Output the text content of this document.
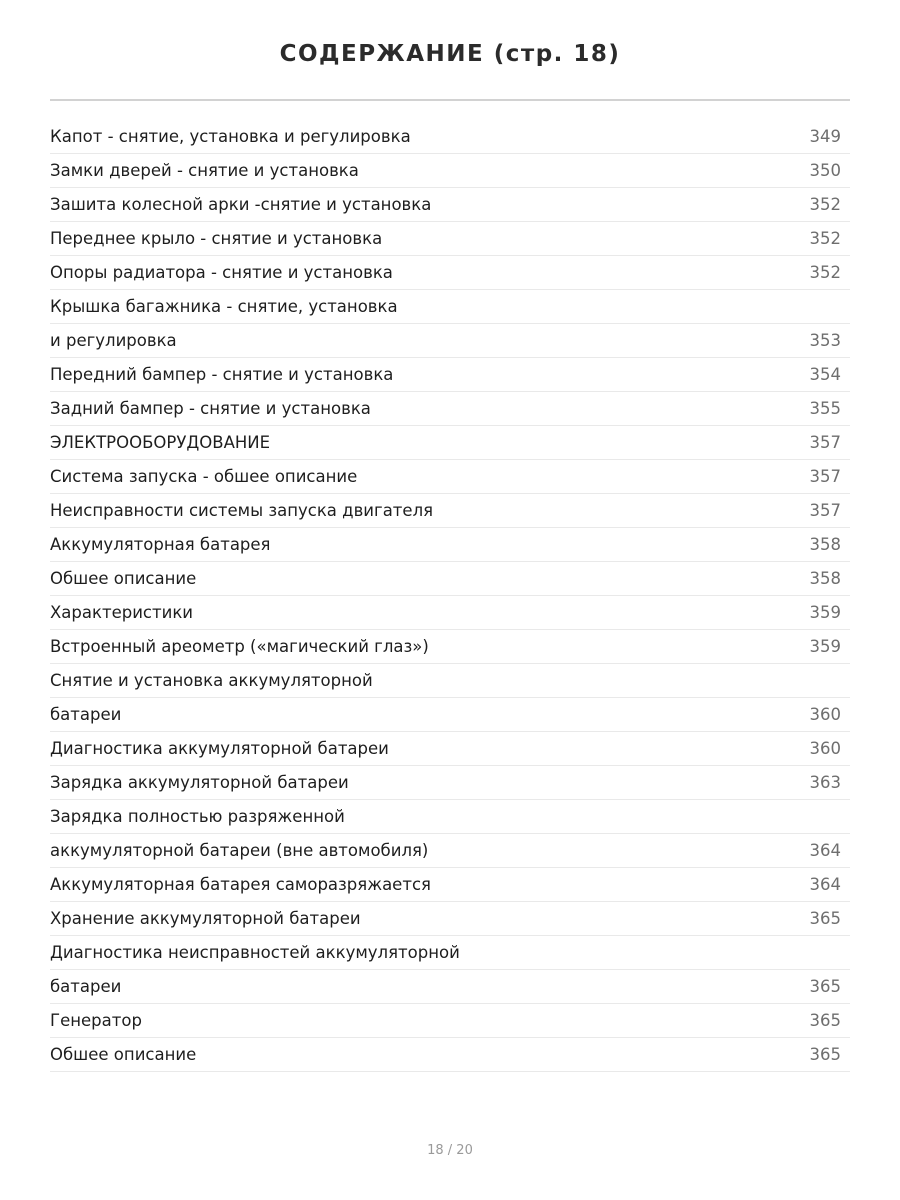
СОДЕРЖАНИЕ (стр. 18)
Капот - снятие, установка и регулировка	349
Замки дверей - снятие и установка	350
Зашита колесной арки -снятие и установка	352
Переднее крыло - снятие и установка	352
Опоры радиатора - снятие и установка	352
Крышка багажника - снятие, установка
и регулировка	353
Передний бампер - снятие и установка	354
Задний бампер - снятие и установка	355
ЭЛЕКТРООБОРУДОВАНИЕ	357
Система запуска - обшее описание	357
Неисправности системы запуска двигателя	357
Аккумуляторная батарея	358
Обшее описание	358
Характеристики	359
Встроенный ареометр («магический глаз»)	359
Снятие и установка аккумуляторной
батареи	360
Диагностика аккумуляторной батареи	360
Зарядка аккумуляторной батареи	363
Зарядка полностью разряженной
аккумуляторной батареи (вне автомобиля)	364
Аккумуляторная батарея саморазряжается	364
Хранение аккумуляторной батареи	365
Диагностика неисправностей аккумуляторной
батареи	365
Генератор	365
Обшее описание	365
18 / 20
